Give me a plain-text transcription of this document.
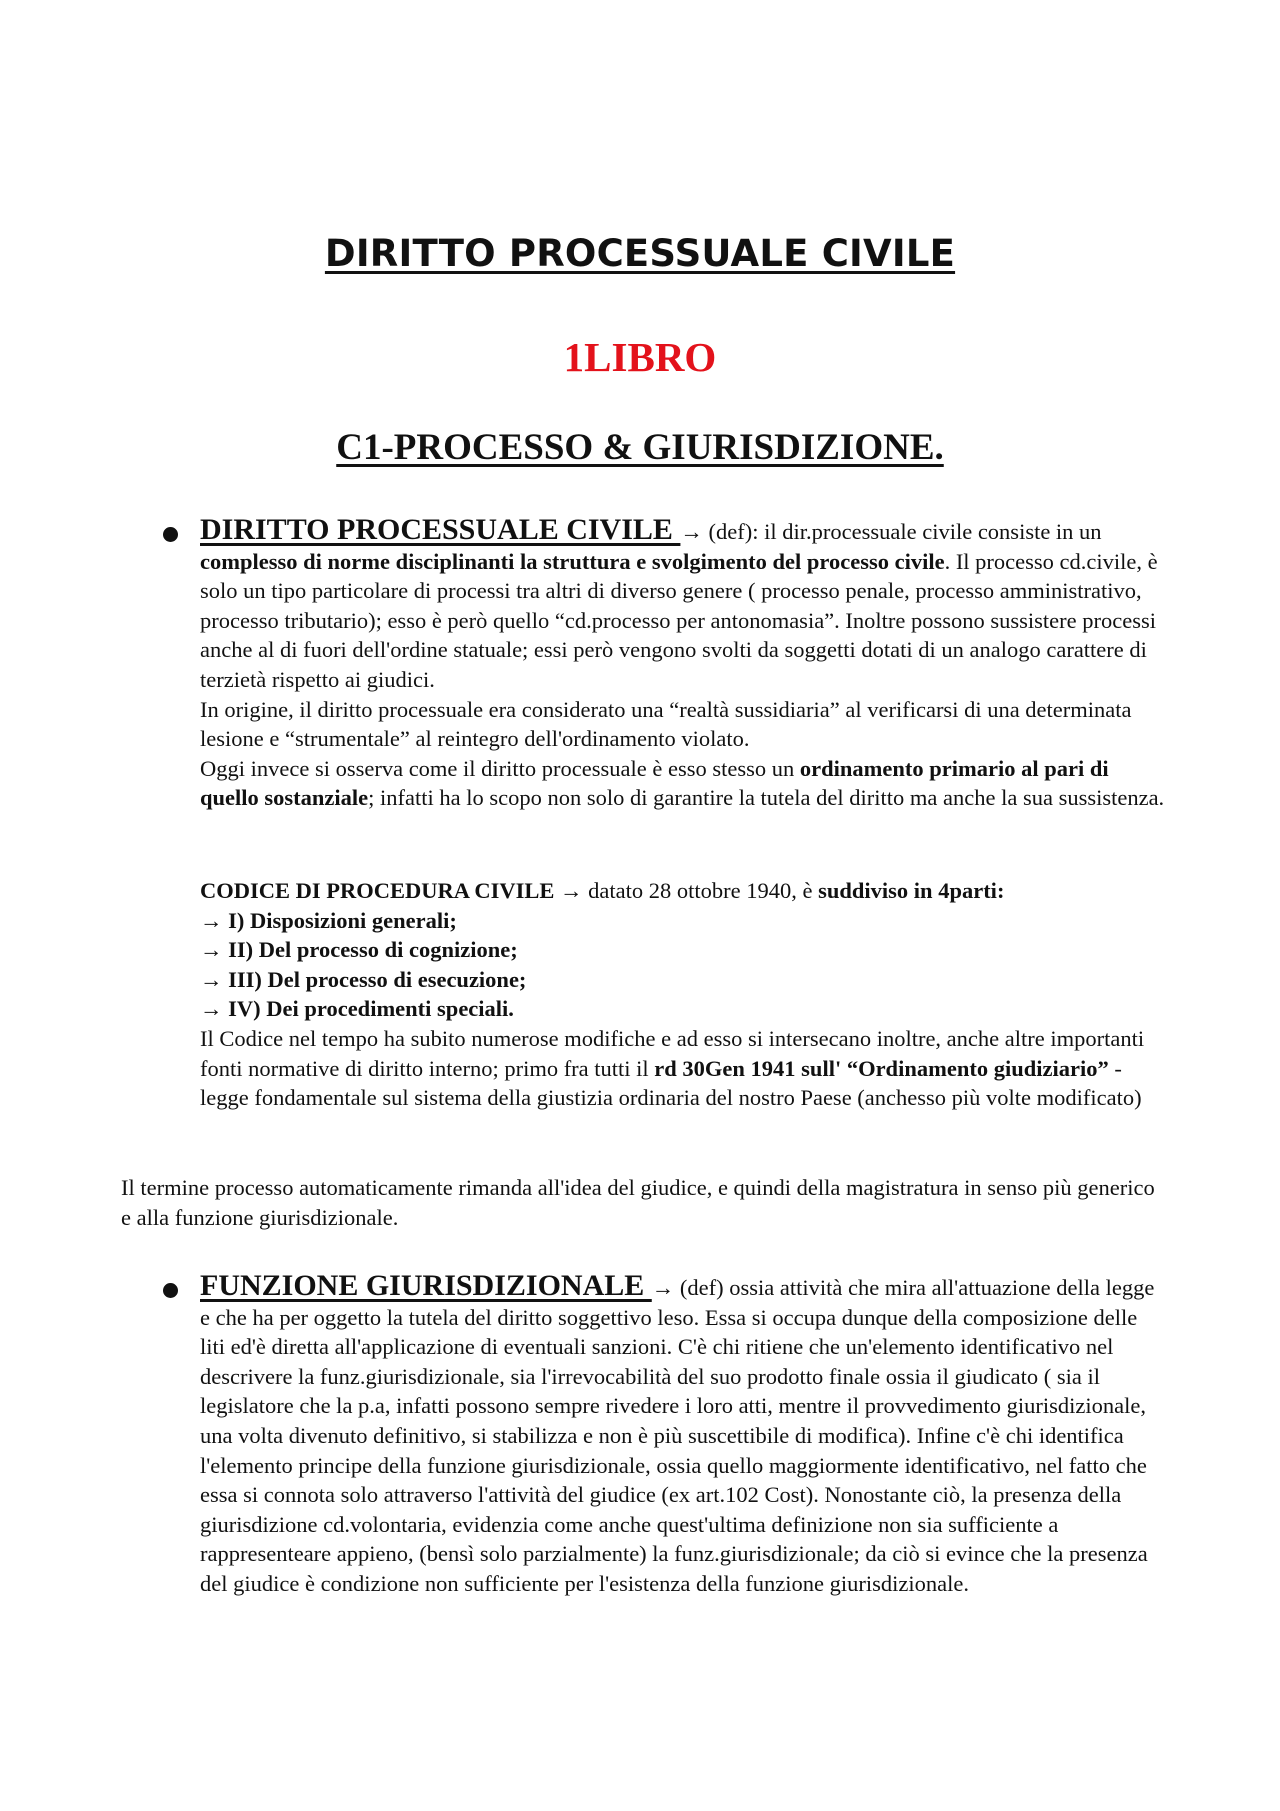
DIRITTO PROCESSUALE CIVILE
1LIBRO
C1-PROCESSO & GIURISDIZIONE.

DIRITTO PROCESSUALE CIVILE → (def): il dir.processuale civile consiste in un complesso di norme disciplinanti la struttura e svolgimento del processo civile. Il processo cd.civile, è solo un tipo particolare di processi tra altri di diverso genere ( processo penale, processo amministrativo, processo tributario); esso è però quello “cd.processo per antonomasia”. Inoltre possono sussistere processi anche al di fuori dell'ordine statuale; essi però vengono svolti da soggetti dotati di un analogo carattere di terzietà rispetto ai giudici.

In origine, il diritto processuale era considerato una “realtà sussidiaria” al verificarsi di una determinata lesione e “strumentale” al reintegro dell'ordinamento violato.

Oggi invece si osserva come il diritto processuale è esso stesso un ordinamento primario al pari di quello sostanziale; infatti ha lo scopo non solo di garantire la tutela del diritto ma anche la sua sussistenza.

CODICE DI PROCEDURA CIVILE → datato 28 ottobre 1940, è suddiviso in 4parti:

→ I) Disposizioni generali;

→ II) Del processo di cognizione;

→ III) Del processo di esecuzione;

→ IV) Dei procedimenti speciali.

Il Codice nel tempo ha subito numerose modifiche e ad esso si intersecano inoltre, anche altre importanti fonti normative di diritto interno; primo fra tutti il rd 30Gen 1941 sull' “Ordinamento giudiziario” - legge fondamentale sul sistema della giustizia ordinaria del nostro Paese (anchesso più volte modificato)

Il termine processo automaticamente rimanda all'idea del giudice, e quindi della magistratura in senso più generico e alla funzione giurisdizionale.

FUNZIONE GIURISDIZIONALE → (def) ossia attività che mira all'attuazione della legge e che ha per oggetto la tutela del diritto soggettivo leso. Essa si occupa dunque della composizione delle liti ed'è diretta all'applicazione di eventuali sanzioni. C'è chi ritiene che un'elemento identificativo nel descrivere la funz.giurisdizionale, sia l'irrevocabilità del suo prodotto finale ossia il giudicato ( sia il legislatore che la p.a, infatti possono sempre rivedere i loro atti, mentre il provvedimento giurisdizionale, una volta divenuto definitivo, si stabilizza e non è più suscettibile di modifica). Infine c'è chi identifica l'elemento principe della funzione giurisdizionale, ossia quello maggiormente identificativo, nel fatto che essa si connota solo attraverso l'attività del giudice (ex art.102 Cost). Nonostante ciò, la presenza della giurisdizione cd.volontaria, evidenzia come anche quest'ultima definizione non sia sufficiente a rappresenteare appieno, (bensì solo parzialmente) la funz.giurisdizionale; da ciò si evince che la presenza del giudice è condizione non sufficiente per l'esistenza della funzione giurisdizionale.
